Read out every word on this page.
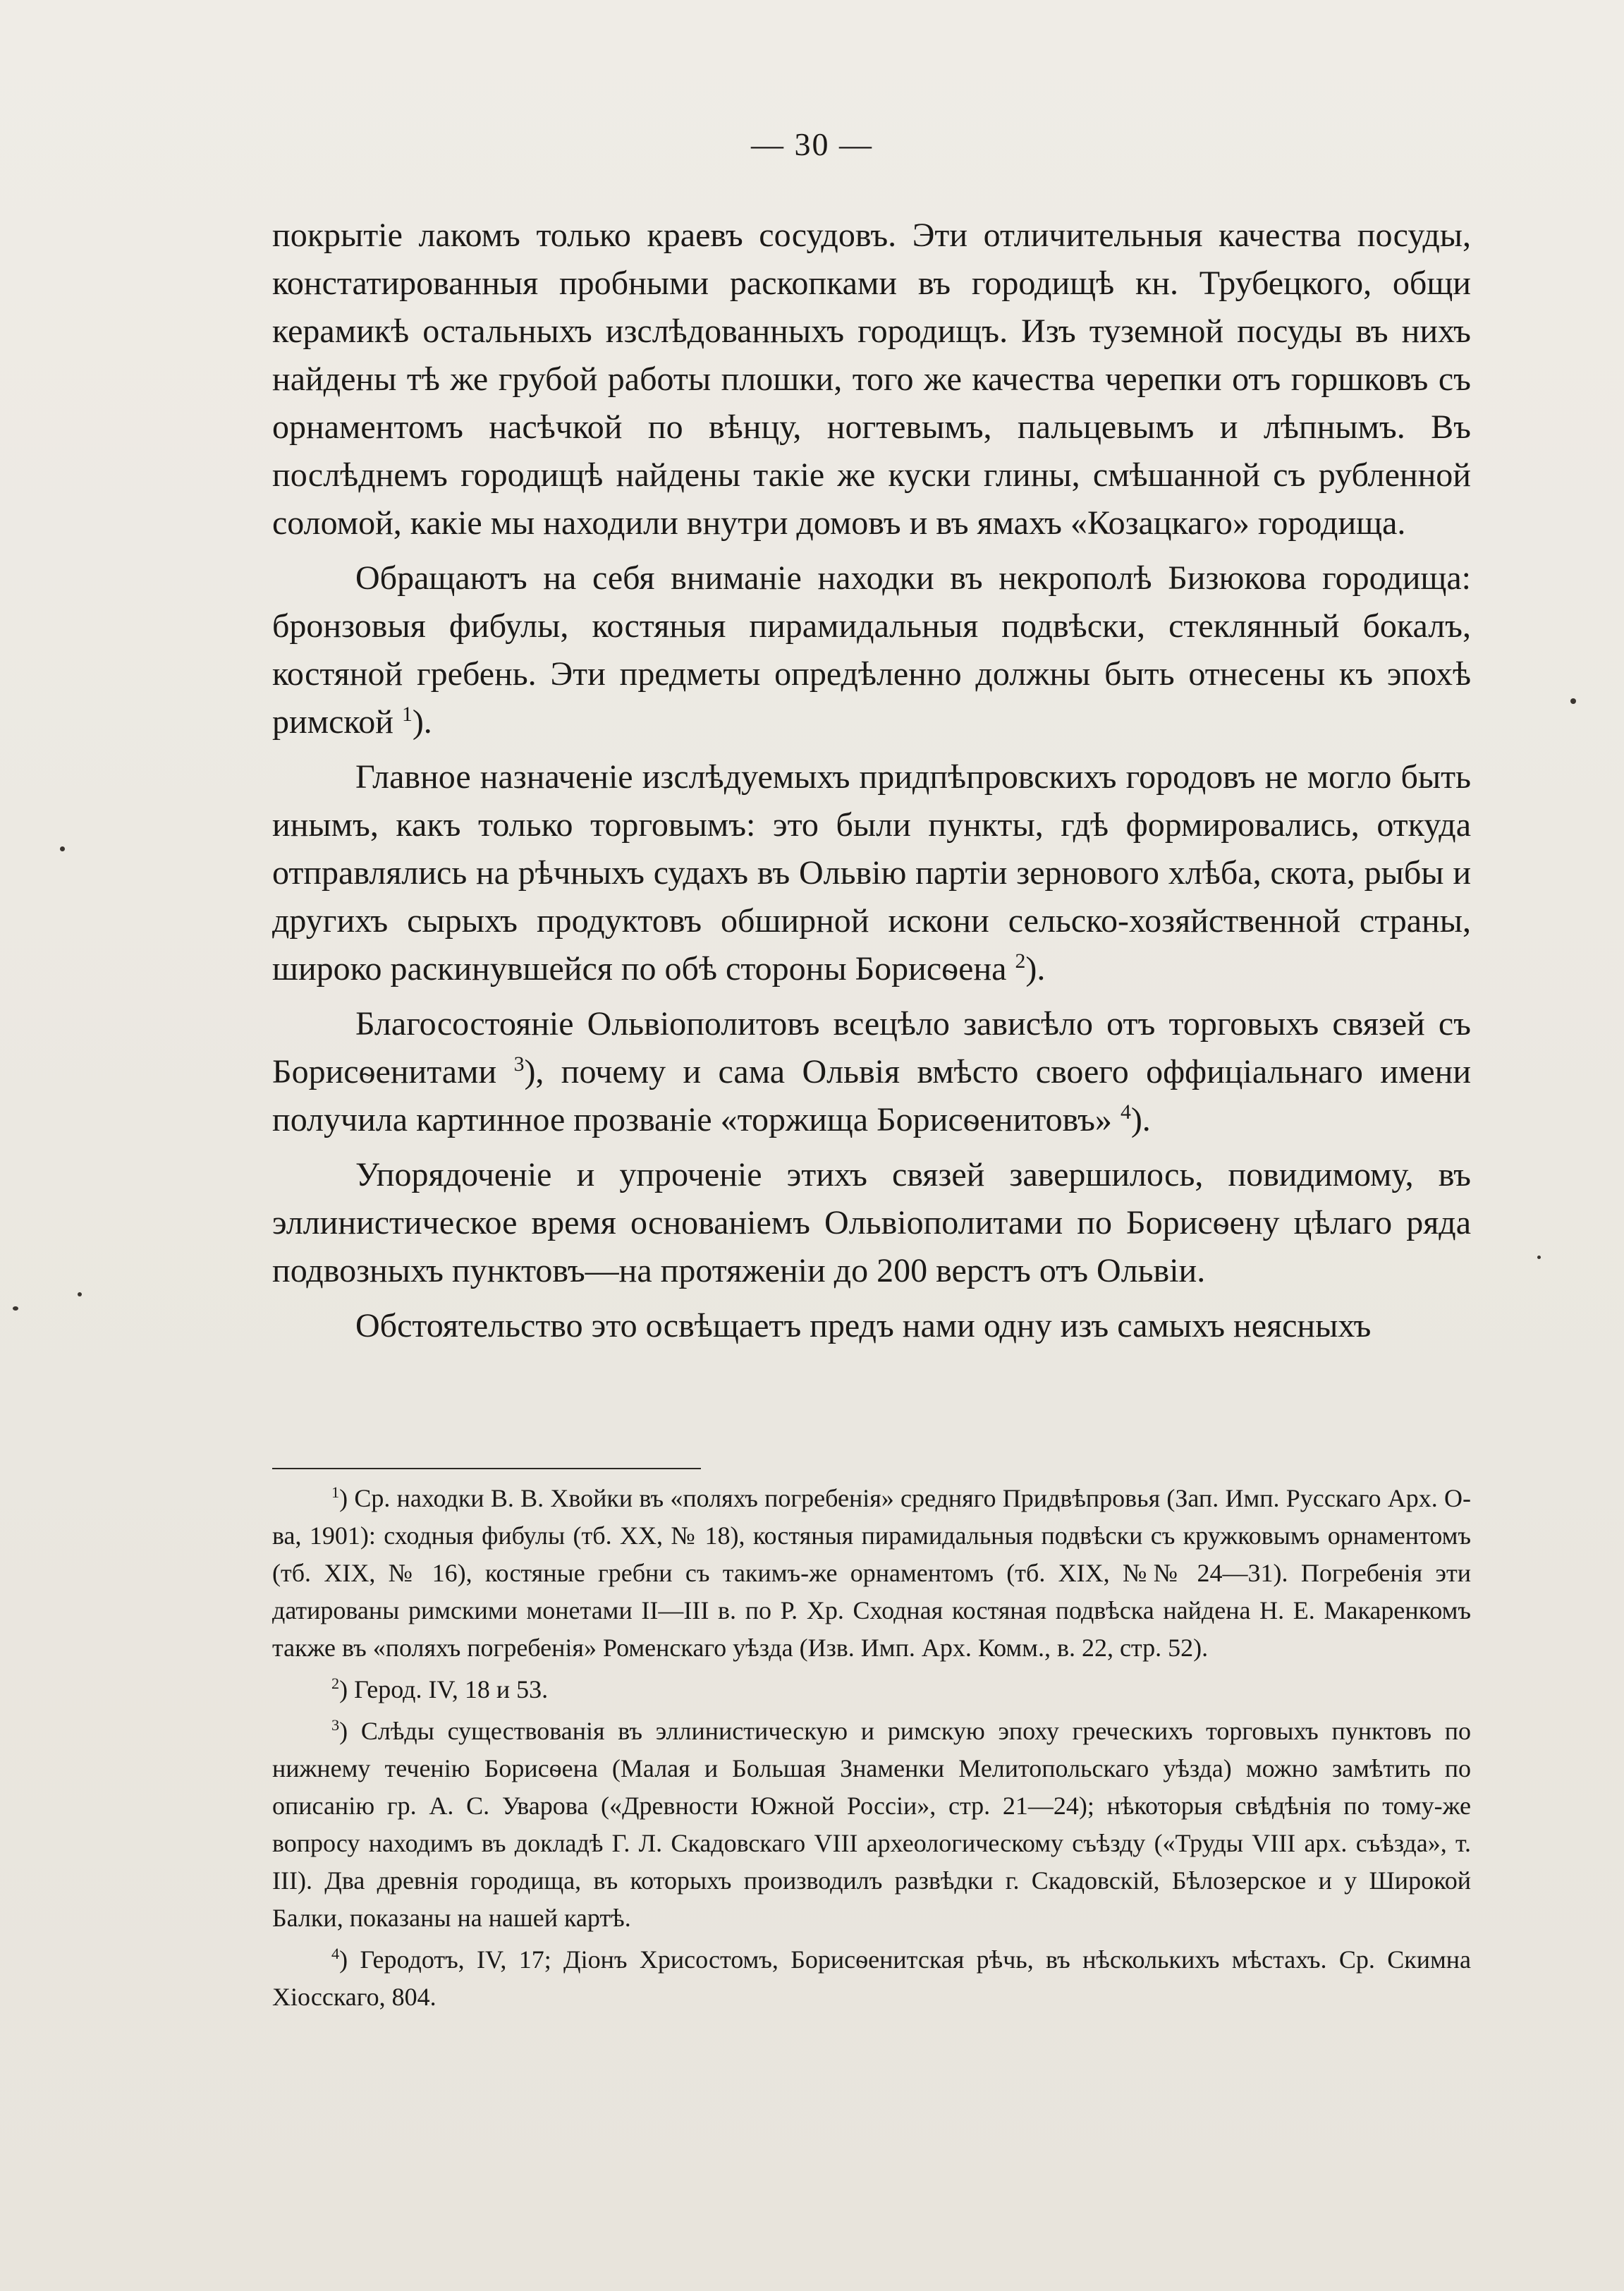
— 30 —

покрытіе лакомъ только краевъ сосудовъ. Эти отличительныя качества посуды, констатированныя пробными раскопками въ городищѣ кн. Трубецкого, общи керамикѣ остальныхъ изслѣдованныхъ городищъ. Изъ туземной посуды въ нихъ найдены тѣ же грубой работы плошки, того же качества черепки отъ горшковъ съ орнаментомъ насѣчкой по вѣнцу, ногтевымъ, пальцевымъ и лѣпнымъ. Въ послѣднемъ городищѣ найдены такіе же куски глины, смѣшанной съ рубленной соломой, какіе мы находили внутри домовъ и въ ямахъ «Козацкаго» городища.

Обращаютъ на себя вниманіе находки въ некрополѣ Бизюкова городища: бронзовыя фибулы, костяныя пирамидальныя подвѣски, стеклянный бокалъ, костяной гребень. Эти предметы опредѣленно должны быть отнесены къ эпохѣ римской $^1$).

Главное назначеніе изслѣдуемыхъ придпѣпровскихъ городовъ не могло быть инымъ, какъ только торговымъ: это были пункты, гдѣ формировались, откуда отправлялись на рѣчныхъ судахъ въ Ольвію партіи зернового хлѣба, скота, рыбы и другихъ сырыхъ продуктовъ обширной искони сельско-хозяйственной страны, широко раскинувшейся по обѣ стороны Борисѳена $^2$).

Благосостояніе Ольвіополитовъ всецѣло зависѣло отъ торговыхъ связей съ Борисѳенитами $^3$), почему и сама Ольвія вмѣсто своего оффиціальнаго имени получила картинное прозваніе «торжища Борисѳенитовъ» $^4$).

Упорядоченіе и упроченіе этихъ связей завершилось, повидимому, въ эллинистическое время основаніемъ Ольвіополитами по Борисѳену цѣлаго ряда подвозныхъ пунктовъ—на протяженіи до 200 верстъ отъ Ольвіи.

Обстоятельство это освѣщаетъ предъ нами одну изъ самыхъ неясныхъ

$^1$) Ср. находки В. В. Хвойки въ «поляхъ погребенія» средняго Придвѣпровья (Зап. Имп. Русскаго Арх. О-ва, 1901): сходныя фибулы (тб. XX, № 18), костяныя пирамидальныя подвѣски съ кружковымъ орнаментомъ (тб. XIX, № 16), костяные гребни съ такимъ-же орнаментомъ (тб. XIX, №№ 24—31). Погребенія эти датированы римскими монетами II—III в. по Р. Хр. Сходная костяная подвѣска найдена Н. Е. Макаренкомъ также въ «поляхъ погребенія» Роменскаго уѣзда (Изв. Имп. Арх. Комм., в. 22, стр. 52).

$^2$) Герод. IV, 18 и 53.

$^3$) Слѣды существованія въ эллинистическую и римскую эпоху греческихъ торговыхъ пунктовъ по нижнему теченію Борисѳена (Малая и Большая Знаменки Мелитопольскаго уѣзда) можно замѣтить по описанію гр. А. С. Уварова («Древности Южной Россіи», стр. 21—24); нѣкоторыя свѣдѣнія по тому-же вопросу находимъ въ докладѣ Г. Л. Скадовскаго VIII археологическому съѣзду («Труды VIII арх. съѣзда», т. III). Два древнія городища, въ которыхъ производилъ развѣдки г. Скадовскій, Бѣлозерское и у Широкой Балки, показаны на нашей картѣ.

$^4$) Геродотъ, IV, 17; Діонъ Хрисостомъ, Борисѳенитская рѣчь, въ нѣсколькихъ мѣстахъ. Ср. Скимна Хіосскаго, 804.
